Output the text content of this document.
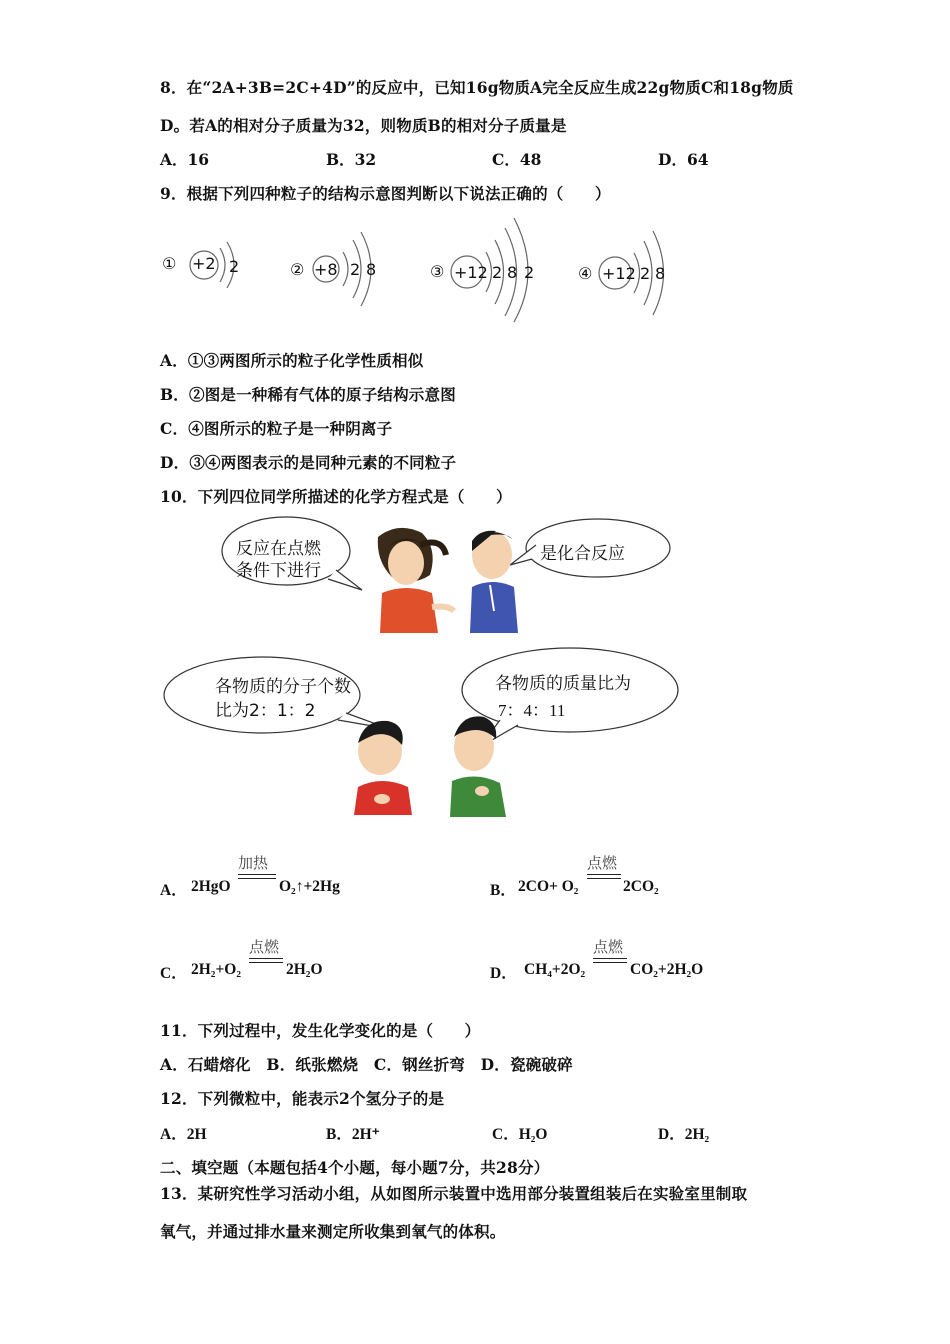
8．在“2A+3B=2C+4D”的反应中，已知16g物质A完全反应生成22g物质C和18g物质
D。若A的相对分子质量为32，则物质B的相对分子质量是
A．16	B．32	C．48	D．64
9．根据下列四种粒子的结构示意图判断以下说法正确的（　　）
① +2 2	② +8 2 8	③ +12 2 8 2	④ +12 2 8
A．①③两图所示的粒子化学性质相似
B．②图是一种稀有气体的原子结构示意图
C．④图所示的粒子是一种阴离子
D．③④两图表示的是同种元素的不同粒子
10．下列四位同学所描述的化学方程式是（　　）
反应在点燃
条件下进行
是化合反应
各物质的分子个数
比为2：1：2
各物质的质量比为
7：4：11
A． 2HgO
加热
O₂↑+2Hg	B． 2CO+ O₂
点燃
2CO₂
C． 2H₂+O₂
点燃
2H₂O	D． CH₄+2O₂
点燃
CO₂+2H₂O
11．下列过程中，发生化学变化的是（　　）
A．石蜡熔化　B．纸张燃烧　C．钢丝折弯　D．瓷碗破碎
12．下列微粒中，能表示2个氢分子的是
A．2H	B．2H⁺	C．H₂O	D．2H₂
二、填空题（本题包括4个小题，每小题7分，共28分）
13．某研究性学习活动小组，从如图所示装置中选用部分装置组装后在实验室里制取
氧气，并通过排水量来测定所收集到氧气的体积。
